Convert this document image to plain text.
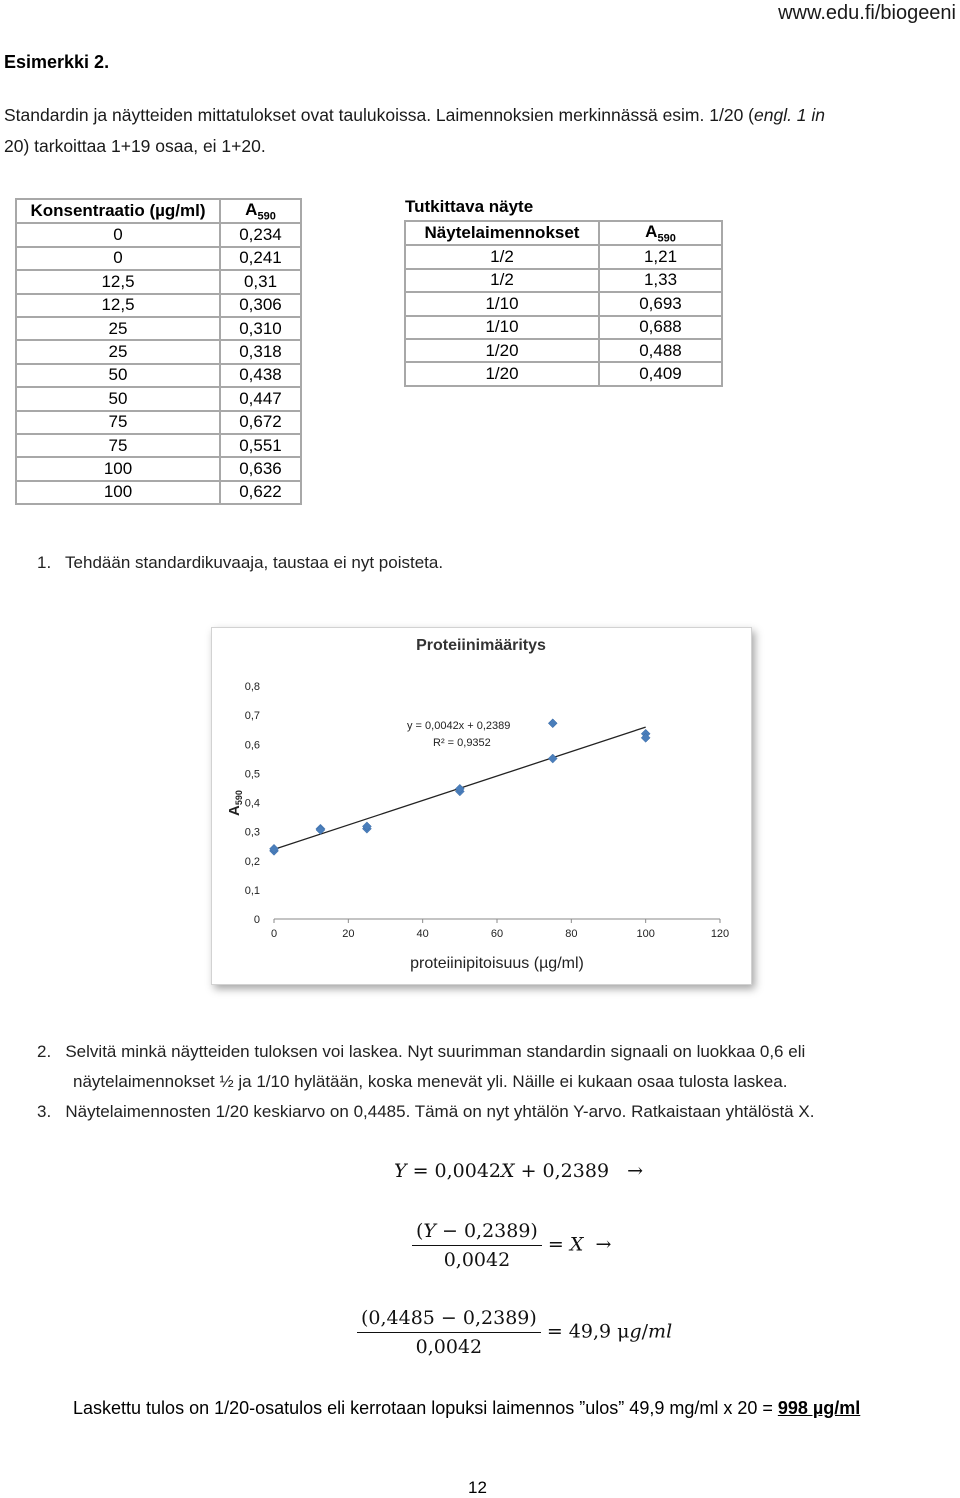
www.edu.fi/biogeeni
Esimerkki 2.
Standardin ja näytteiden mittatulokset ovat taulukoissa. Laimennoksien merkinnässä esim. 1/20 (engl. 1 in
20) tarkoittaa 1+19 osaa, ei 1+20.
Konsentraatio (µg/ml)	$A_{590}$
0	0,234
0	0,241
12,5	0,31
12,5	0,306
25	0,310
25	0,318
50	0,438
50	0,447
75	0,672
75	0,551
100	0,636
100	0,622
Tutkittava näyte
Näytelaimennokset	$A_{590}$
1/2	1,21
1/2	1,33
1/10	0,693
1/10	0,688
1/20	0,488
1/20	0,409
1.   Tehdään standardikuvaaja, taustaa ei nyt poisteta.
Proteiinimääritys
0
0,1
0,2
0,3
0,4
0,5
0,6
0,7
0,8
0	20	40	60	80	100	120
proteiinipitoisuus (µg/ml)
$A_{590}$
y = 0,0042x + 0,2389
R² = 0,9352
2.   Selvitä minkä näytteiden tuloksen voi laskea. Nyt suurimman standardin signaali on luokkaa 0,6 eli
näytelaimennokset ½ ja 1/10 hylätään, koska menevät yli. Näille ei kukaan osaa tulosta laskea.
3.   Näytelaimennosten 1/20 keskiarvo on 0,4485. Tämä on nyt yhtälön Y-arvo. Ratkaistaan yhtälöstä X.
𝑌 = 0,0042𝑋 + 0,2389 →
$\frac{\text{(𝑌 − 0,2389)}}{0,0042}$ = 𝑋 →
$\frac{(0,4485 - 0,2389)}{0,0042} = 49,9$ μ𝑔/𝑚𝑙
Laskettu tulos on 1/20-osatulos eli kerrotaan lopuksi laimennos ”ulos” 49,9 mg/ml x 20 = 998 µg/ml
12
